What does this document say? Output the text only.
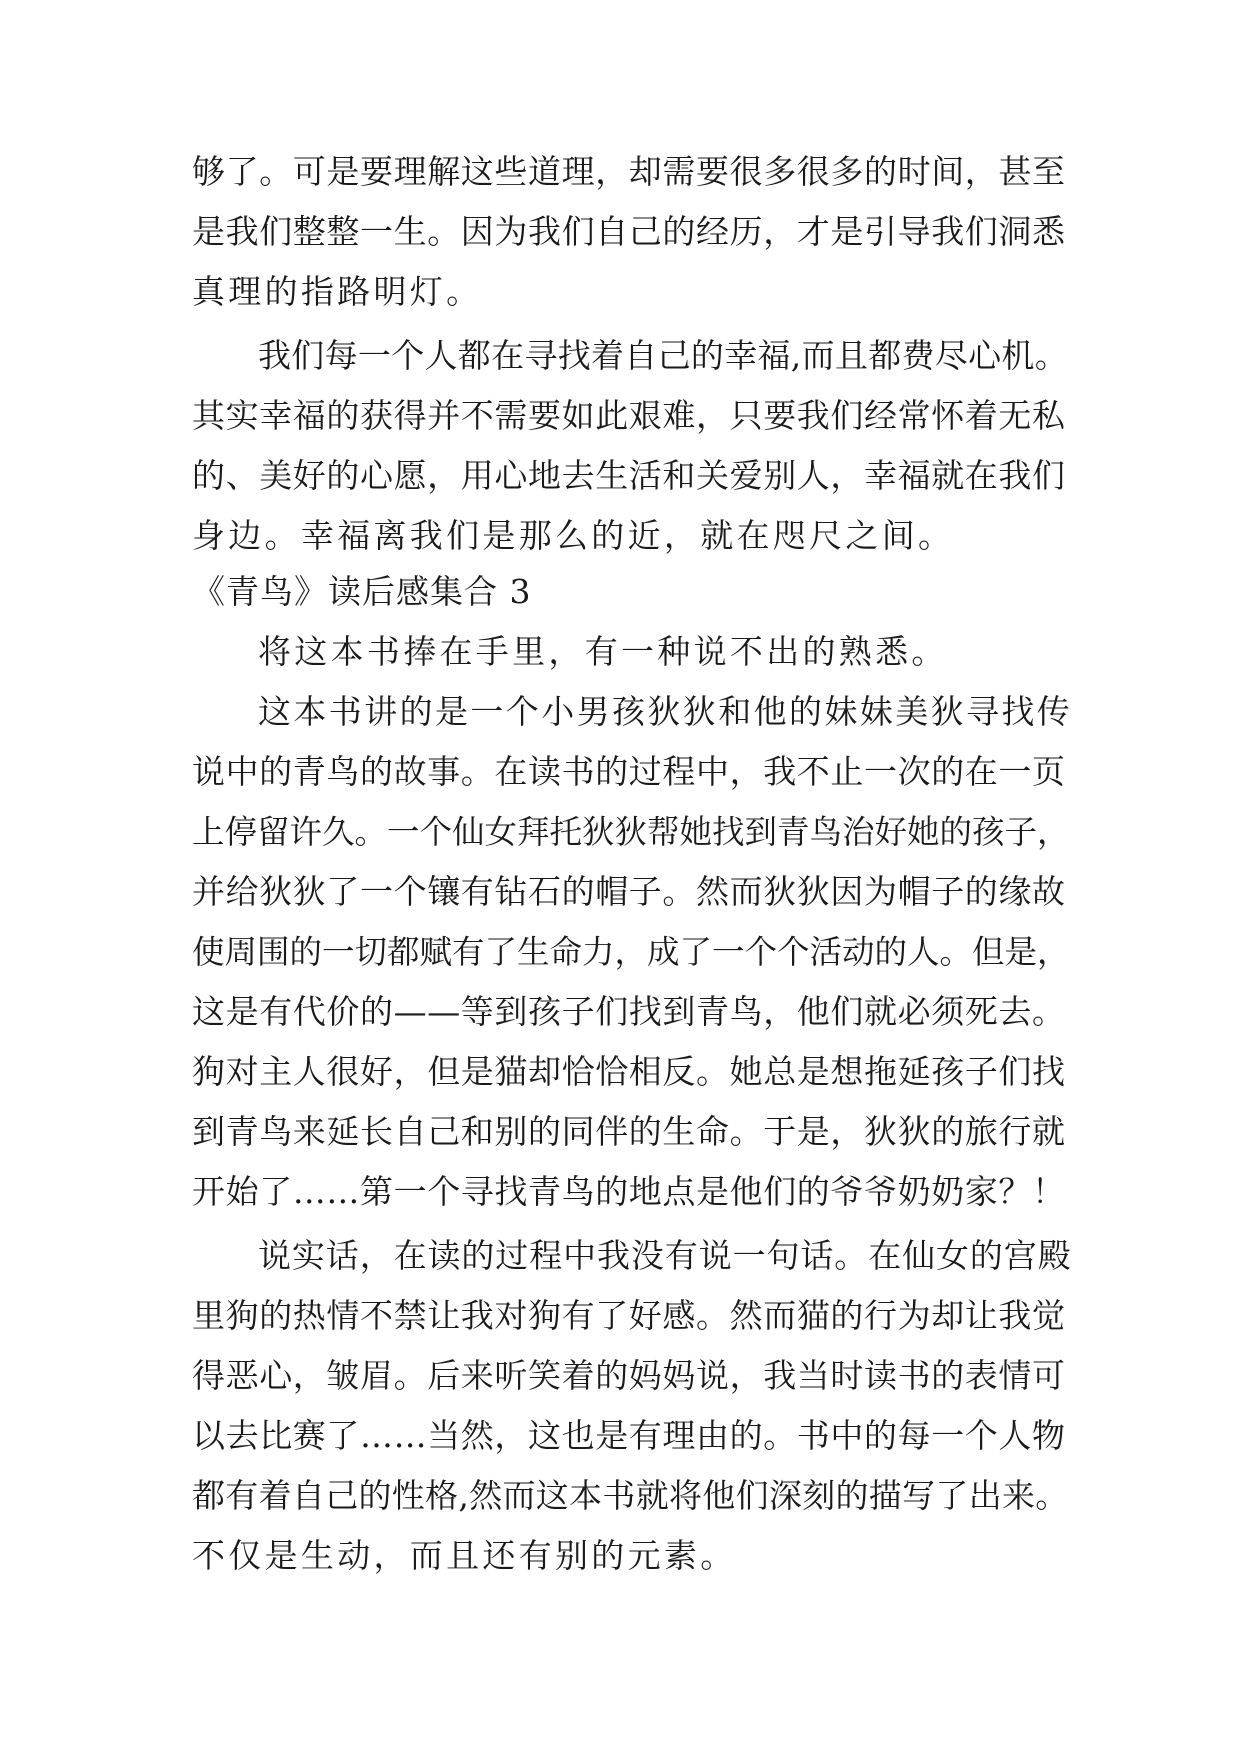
够了。可是要理解这些道理，却需要很多很多的时间，甚至
是我们整整一生。因为我们自己的经历，才是引导我们洞悉
真理的指路明灯。
我们每一个人都在寻找着自己的幸福,而且都费尽心机。
其实幸福的获得并不需要如此艰难，只要我们经常怀着无私
的、美好的心愿，用心地去生活和关爱别人，幸福就在我们
身边。幸福离我们是那么的近，就在咫尺之间。
《青鸟》读后感集合 3
将这本书捧在手里，有一种说不出的熟悉。
这本书讲的是一个小男孩狄狄和他的妹妹美狄寻找传
说中的青鸟的故事。在读书的过程中，我不止一次的在一页
上停留许久。一个仙女拜托狄狄帮她找到青鸟治好她的孩子，
并给狄狄了一个镶有钻石的帽子。然而狄狄因为帽子的缘故
使周围的一切都赋有了生命力，成了一个个活动的人。但是，
这是有代价的——等到孩子们找到青鸟，他们就必须死去。
狗对主人很好，但是猫却恰恰相反。她总是想拖延孩子们找
到青鸟来延长自己和别的同伴的生命。于是，狄狄的旅行就
开始了……第一个寻找青鸟的地点是他们的爷爷奶奶家？！
说实话，在读的过程中我没有说一句话。在仙女的宫殿
里狗的热情不禁让我对狗有了好感。然而猫的行为却让我觉
得恶心，皱眉。后来听笑着的妈妈说，我当时读书的表情可
以去比赛了……当然，这也是有理由的。书中的每一个人物
都有着自己的性格,然而这本书就将他们深刻的描写了出来。
不仅是生动，而且还有别的元素。
